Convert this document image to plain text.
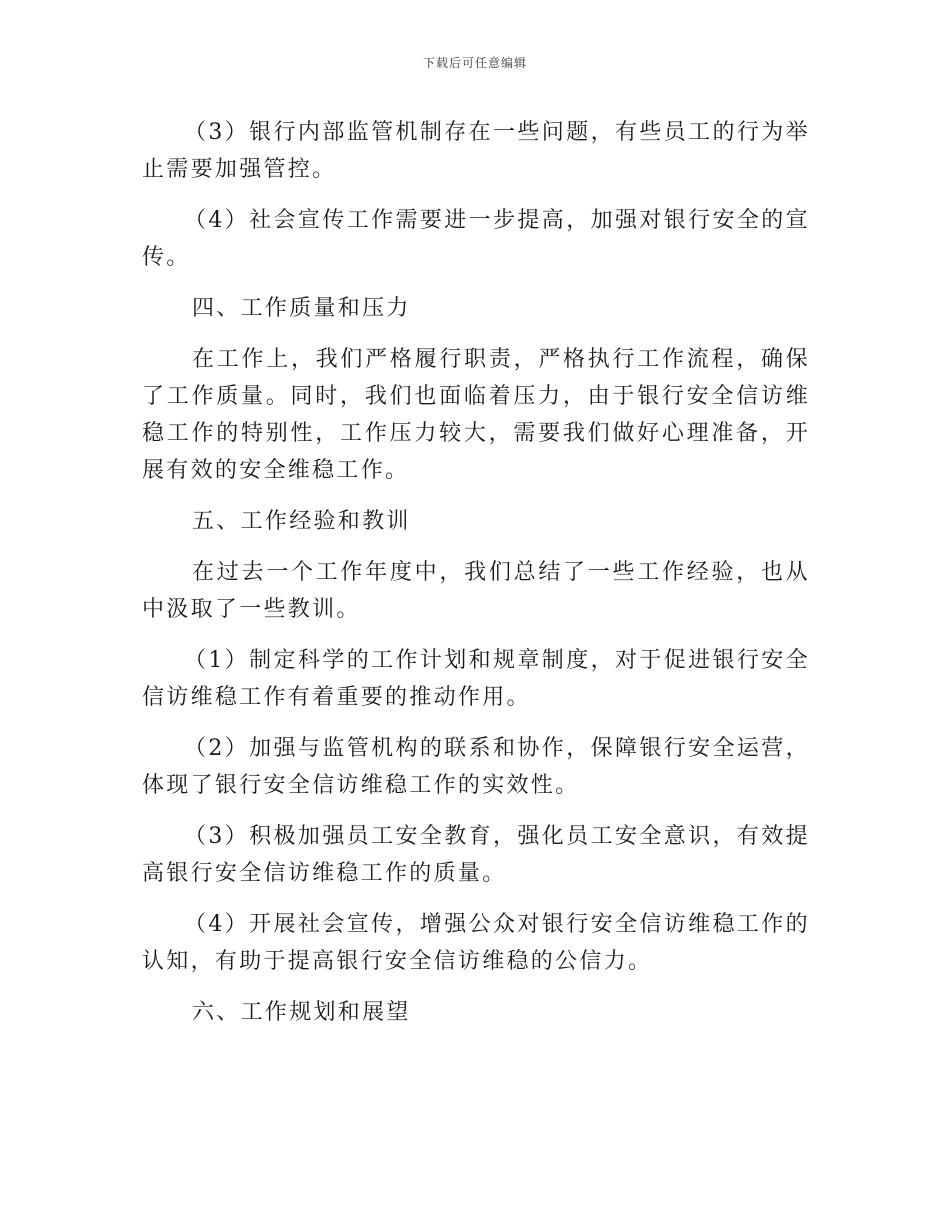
下载后可任意编辑

（3）银行内部监管机制存在一些问题，有些员工的行为举止需要加强管控。

（4）社会宣传工作需要进一步提高，加强对银行安全的宣传。

四、工作质量和压力

在工作上，我们严格履行职责，严格执行工作流程，确保了工作质量。同时，我们也面临着压力，由于银行安全信访维稳工作的特别性，工作压力较大，需要我们做好心理准备，开展有效的安全维稳工作。

五、工作经验和教训

在过去一个工作年度中，我们总结了一些工作经验，也从中汲取了一些教训。

（1）制定科学的工作计划和规章制度，对于促进银行安全信访维稳工作有着重要的推动作用。

（2）加强与监管机构的联系和协作，保障银行安全运营，体现了银行安全信访维稳工作的实效性。

（3）积极加强员工安全教育，强化员工安全意识，有效提高银行安全信访维稳工作的质量。

（4）开展社会宣传，增强公众对银行安全信访维稳工作的认知，有助于提高银行安全信访维稳的公信力。

六、工作规划和展望
